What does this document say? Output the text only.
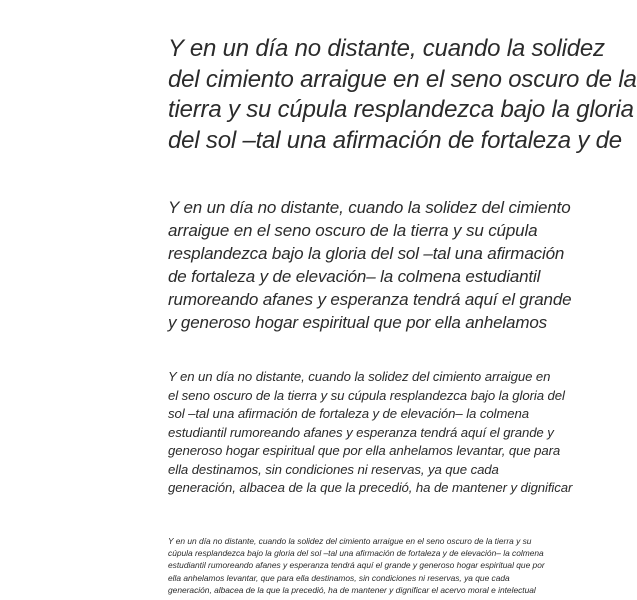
Y en un día no distante, cuando la solidez
del cimiento arraigue en el seno oscuro de la
tierra y su cúpula resplandezca bajo la gloria
del sol –tal una afirmación de fortaleza y de
Y en un día no distante, cuando la solidez del cimiento
arraigue en el seno oscuro de la tierra y su cúpula
resplandezca bajo la gloria del sol –tal una afirmación
de fortaleza y de elevación– la colmena estudiantil
rumoreando afanes y esperanza tendrá aquí el grande
y generoso hogar espiritual que por ella anhelamos
Y en un día no distante, cuando la solidez del cimiento arraigue en
el seno oscuro de la tierra y su cúpula resplandezca bajo la gloria del
sol –tal una afirmación de fortaleza y de elevación– la colmena
estudiantil rumoreando afanes y esperanza tendrá aquí el grande y
generoso hogar espiritual que por ella anhelamos levantar, que para
ella destinamos, sin condiciones ni reservas, ya que cada
generación, albacea de la que la precedió, ha de mantener y dignificar
Y en un día no distante, cuando la solidez del cimiento arraigue en el seno oscuro de la tierra y su
cúpula resplandezca bajo la gloria del sol –tal una afirmación de fortaleza y de elevación– la colmena
estudiantil rumoreando afanes y esperanza tendrá aquí el grande y generoso hogar espiritual que por
ella anhelamos levantar, que para ella destinamos, sin condiciones ni reservas, ya que cada
generación, albacea de la que la precedió, ha de mantener y dignificar el acervo moral e intelectual
